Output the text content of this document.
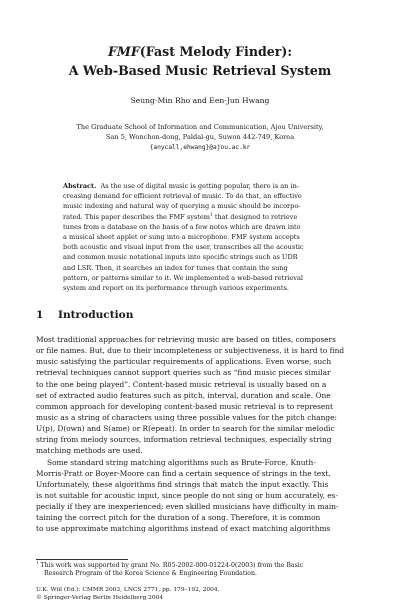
FMF(Fast Melody Finder):
A Web-Based Music Retrieval System
Seung-Min Rho and Een-Jun Hwang
The Graduate School of Information and Communication, Ajou University,
San 5, Wonchon-dong, Paldal-gu, Suwon 442-749, Korea
{anycall,ehwang}@ajou.ac.kr
Abstract. As the use of digital music is getting popular, there is an in-
creasing demand for efficient retrieval of music. To do that, an effective
music indexing and natural way of querying a music should be incorpo-
rated. This paper describes the FMF system$^1$ that designed to retrieve
tunes from a database on the basis of a few notes which are drawn into
a musical sheet applet or sung into a microphone. FMF system accepts
both acoustic and visual input from the user, transcribes all the acoustic
and common music notational inputs into specific strings such as UDR
and LSR. Then, it searches an index for tunes that contain the sung
pattern, or patterns similar to it. We implemented a web-based retrieval
system and report on its performance through various experiments.
1 Introduction
Most traditional approaches for retrieving music are based on titles, composers
or file names. But, due to their incompleteness or subjectiveness, it is hard to find
music satisfying the particular requirements of applications. Even worse, such
retrieval techniques cannot support queries such as “find music pieces similar
to the one being played”. Content-based music retrieval is usually based on a
set of extracted audio features such as pitch, interval, duration and scale. One
common approach for developing content-based music retrieval is to represent
music as a string of characters using three possible values for the pitch change:
U(p), D(own) and S(ame) or R(epeat). In order to search for the similar melodic
string from melody sources, information retrieval techniques, especially string
matching methods are used.
Some standard string matching algorithms such as Brute-Force, Knuth-
Morris-Pratt or Boyer-Moore can find a certain sequence of strings in the text.
Unfortunately, these algorithms find strings that match the input exactly. This
is not suitable for acoustic input, since people do not sing or hum accurately, es-
pecially if they are inexperienced; even skilled musicians have difficulty in main-
taining the correct pitch for the duration of a song. Therefore, it is common
to use approximate matching algorithms instead of exact matching algorithms
$^1$ This work was supported by grant No. R05-2002-000-01224-0(2003) from the Basic
Research Program of the Korea Science & Engineering Foundation.
U.K. Wiil (Ed.): CMMR 2003, LNCS 2771, pp. 179–192, 2004.
© Springer-Verlag Berlin Heidelberg 2004
